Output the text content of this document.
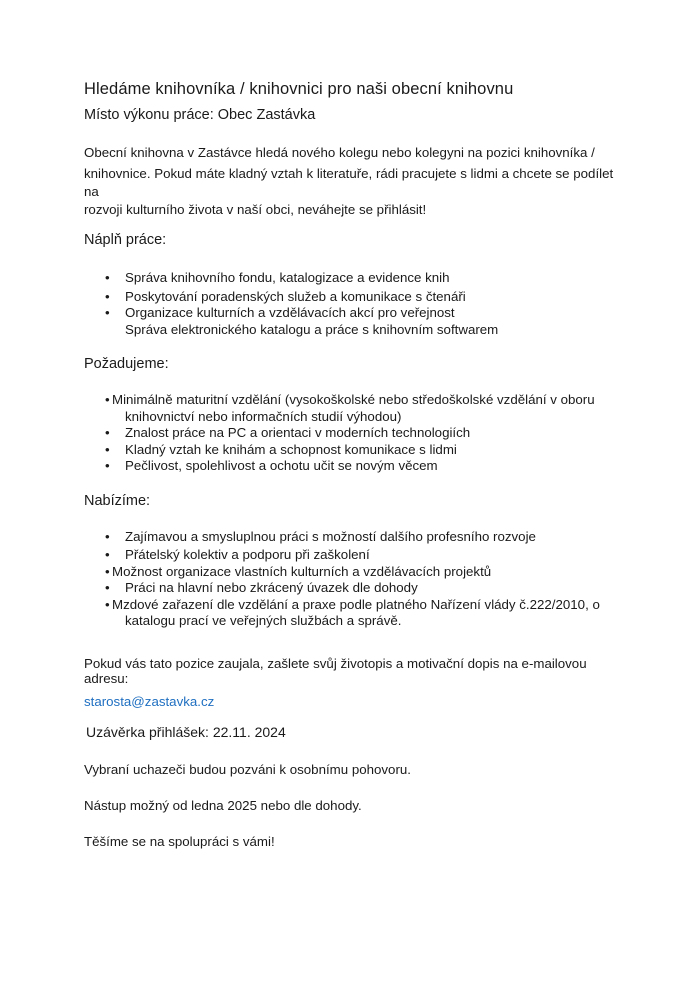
Hledáme knihovníka / knihovnici pro naši obecní knihovnu
Místo výkonu práce: Obec Zastávka
Obecní knihovna v Zastávce hledá nového kolegu nebo kolegyni na pozici knihovníka /
knihovnice. Pokud máte kladný vztah k literatuře, rádi pracujete s lidmi a chcete se podílet na
rozvoji kulturního života v naší obci, neváhejte se přihlásit!
Náplň práce:
• Správa knihovního fondu, katalogizace a evidence knih
• Poskytování poradenských služeb a komunikace s čtenáři
• Organizace kulturních a vzdělávacích akcí pro veřejnost
Správa elektronického katalogu a práce s knihovním softwarem
Požadujeme:
• Minimálně maturitní vzdělání (vysokoškolské nebo středoškolské vzdělání v oboru
knihovnictví nebo informačních studií výhodou)
• Znalost práce na PC a orientaci v moderních technologiích
• Kladný vztah ke knihám a schopnost komunikace s lidmi
• Pečlivost, spolehlivost a ochotu učit se novým věcem
Nabízíme:
• Zajímavou a smysluplnou práci s možností dalšího profesního rozvoje
• Přátelský kolektiv a podporu při zaškolení
• Možnost organizace vlastních kulturních a vzdělávacích projektů
• Práci na hlavní nebo zkrácený úvazek dle dohody
• Mzdové zařazení dle vzdělání a praxe podle platného Nařízení vlády č.222/2010, o
katalogu prací ve veřejných službách a správě.
Pokud vás tato pozice zaujala, zašlete svůj životopis a motivační dopis na e-mailovou adresu:
starosta@zastavka.cz
Uzávěrka přihlášek: 22.11. 2024
Vybraní uchazeči budou pozváni k osobnímu pohovoru.
Nástup možný od ledna 2025 nebo dle dohody.
Těšíme se na spolupráci s vámi!
